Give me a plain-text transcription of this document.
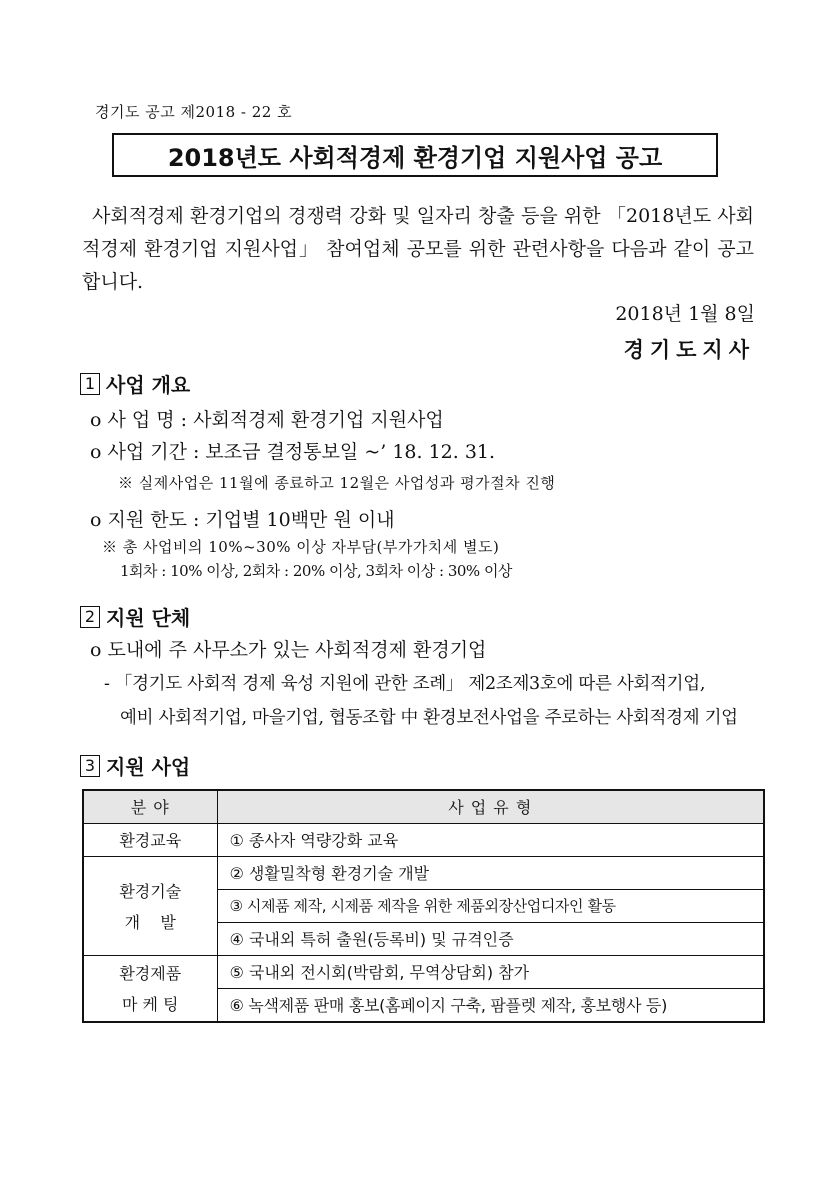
경기도 공고 제2018 - 22 호
2018년도 사회적경제 환경기업 지원사업 공고
사회적경제 환경기업의 경쟁력 강화 및 일자리 창출 등을 위한 「2018년도 사회적경제 환경기업 지원사업」 참여업체 공모를 위한 관련사항을 다음과 같이 공고합니다.
2018년 1월 8일
경기도지사
1 사업 개요
o 사 업 명 : 사회적경제 환경기업 지원사업
o 사업 기간 : 보조금 결정통보일 ~’ 18. 12. 31.
※ 실제사업은 11월에 종료하고 12월은 사업성과 평가절차 진행
o 지원 한도 : 기업별 10백만 원 이내
※ 총 사업비의 10%~30% 이상 자부담(부가가치세 별도)
1회차 : 10% 이상, 2회차 : 20% 이상, 3회차 이상 : 30% 이상
2 지원 단체
o 도내에 주 사무소가 있는 사회적경제 환경기업
- 「경기도 사회적 경제 육성 지원에 관한 조례」 제2조제3호에 따른 사회적기업,
예비 사회적기업, 마을기업, 협동조합 中 환경보전사업을 주로하는 사회적경제 기업
3 지원 사업
분 야	사 업 유 형
환경교육	① 종사자 역량강화 교육

환경기술
개    발	② 생활밀착형 환경기술 개발
	③ 시제품 제작, 시제품 제작을 위한 제품외장산업디자인 활동
	④ 국내외 특허 출원(등록비) 및 규격인증

환경제품
마 케 팅	⑤ 국내외 전시회(박람회, 무역상담회) 참가
	⑥ 녹색제품 판매 홍보(홈페이지 구축, 팜플렛 제작, 홍보행사 등)
